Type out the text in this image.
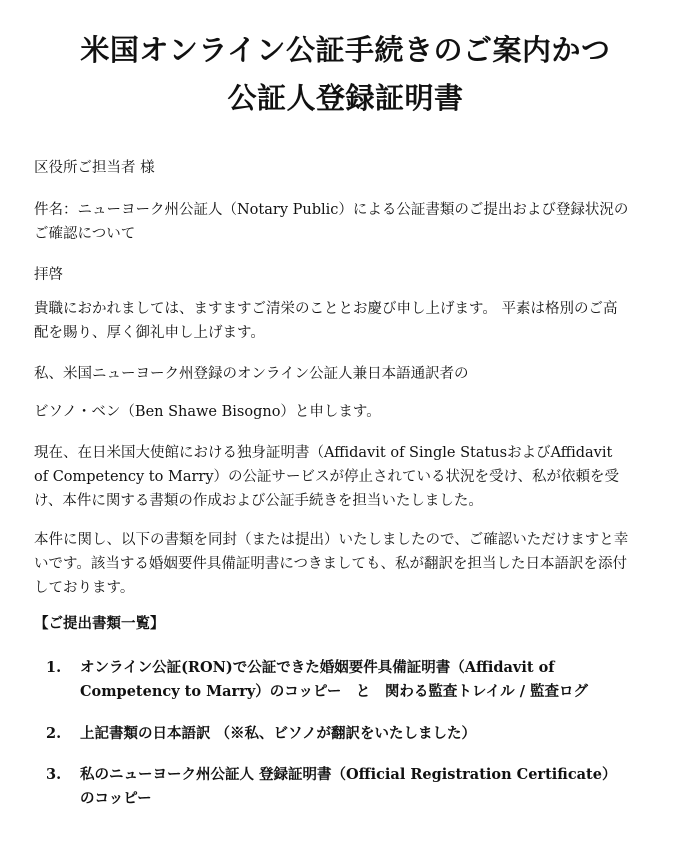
米国オンライン公証手続きのご案内かつ
公証人登録証明書

区役所ご担当者 様

件名：ニューヨーク州公証人（Notary Public）による公証書類のご提出および登録状況のご確認について

拝啓

貴職におかれましては、ますますご清栄のこととお慶び申し上げます。 平素は格別のご高配を賜り、厚く御礼申し上げます。

私、米国ニューヨーク州登録のオンライン公証人兼日本語通訳者の

ビソノ・ベン（Ben Shawe Bisogno）と申します。

現在、在日米国大使館における独身証明書（Affidavit of Single StatusおよびAffidavit of Competency to Marry）の公証サービスが停止されている状況を受け、私が依頼を受け、本件に関する書類の作成および公証手続きを担当いたしました。

本件に関し、以下の書類を同封（または提出）いたしましたので、ご確認いただけますと幸いです。該当する婚姻要件具備証明書につきましても、私が翻訳を担当した日本語訳を添付しております。

【ご提出書類一覧】

1.	オンライン公証(RON)で公証できた婚姻要件具備証明書（Affidavit of Competency to Marry）のコッピー　と　関わる監査トレイル / 監査ログ
2.	上記書類の日本語訳 （※私、ビソノが翻訳をいたしました）
3.	私のニューヨーク州公証人 登録証明書（Official Registration Certificate）のコッピー
